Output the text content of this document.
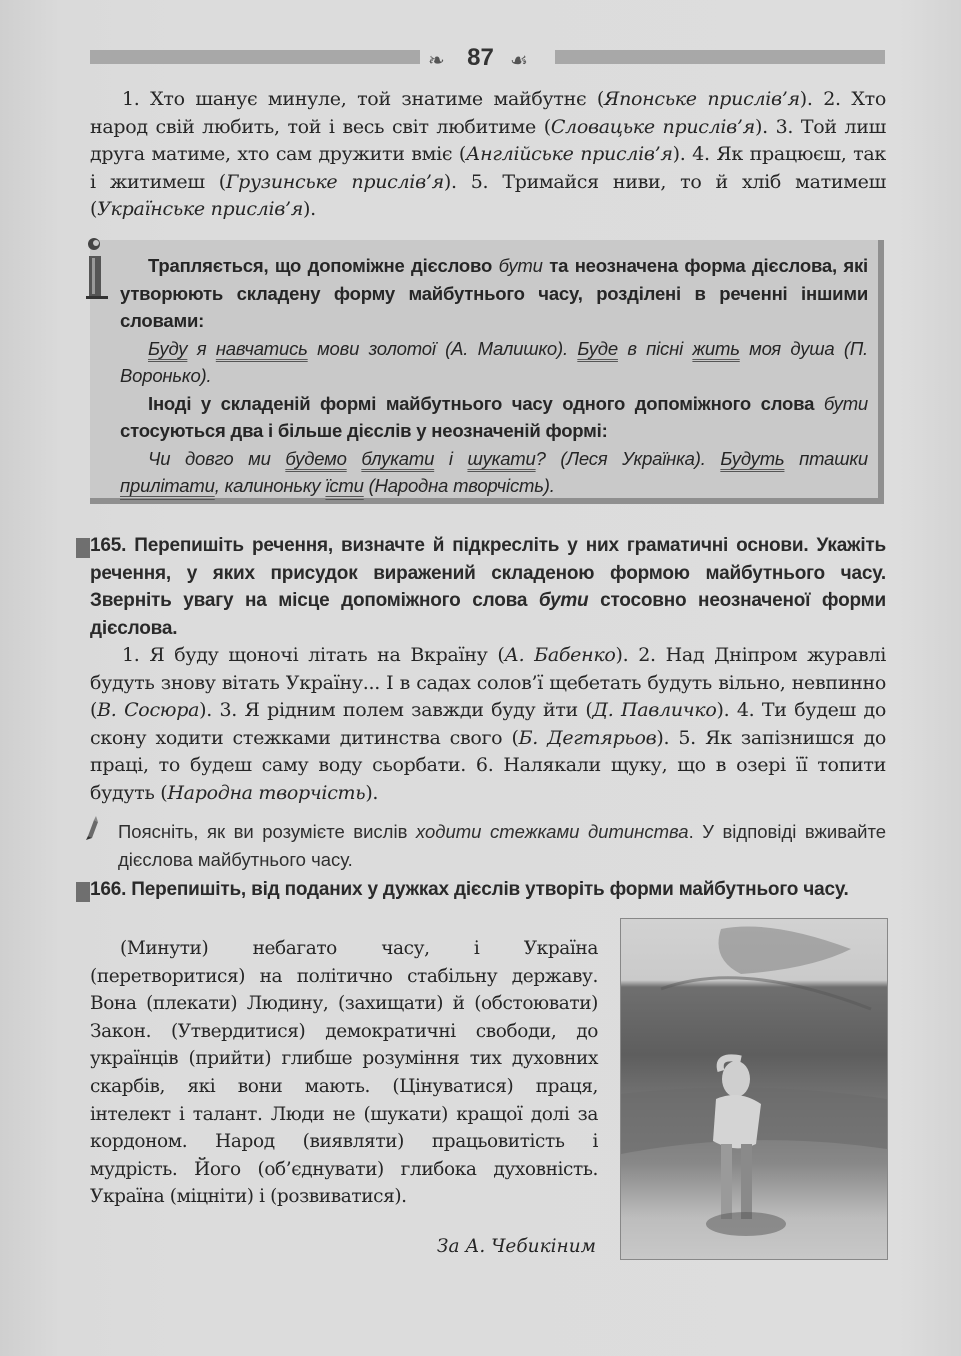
❧ 87 ☙

1. Хто шанує минуле, той знатиме майбутнє (Японське прислів’я). 2. Хто народ свій любить, той і весь світ любитиме (Словацьке прислів’я). 3. Той лиш друга матиме, хто сам дружити вміє (Англійське прислів’я). 4. Як працюєш, так і житимеш (Грузинське прислів’я). 5. Тримайся ниви, то й хліб матимеш (Українське прислів’я).

Трапляється, що допоміжне дієслово бути та неозначена форма дієслова, які утворюють складену форму майбутнього часу, розділені в реченні іншими словами:

Буду я навчатись мови золотої (А. Малишко). Буде в пісні жить моя душа (П. Воронько).

Іноді у складеній формі майбутнього часу одного допоміжного слова бути стосуються два і більше дієслів у неозначеній формі:

Чи довго ми будемо блукати і шукати? (Леся Українка). Будуть пташки прилітати, калиноньку їсти (Народна творчість).

165. Перепишіть речення, визначте й підкресліть у них граматичні основи. Укажіть речення, у яких присудок виражений складеною формою майбутнього часу. Зверніть увагу на місце допоміжного слова бути стосовно неозначеної форми дієслова.

1. Я буду щоночі літать на Вкраїну (А. Бабенко). 2. Над Дніпром журавлі будуть знову вітать Україну... І в садах солов’ї щебетать будуть вільно, невпинно (В. Сосюра). 3. Я рідним полем завжди буду йти (Д. Павличко). 4. Ти будеш до скону ходити стежками дитинства свого (Б. Дегтярьов). 5. Як запізнишся до праці, то будеш саму воду сьорбати. 6. Налякали щуку, що в озері її топити будуть (Народна творчість).

Поясніть, як ви розумієте вислів ходити стежками дитинства. У відповіді вживайте дієслова майбутнього часу.
166. Перепишіть, від поданих у дужках дієслів утворіть форми майбутнього часу.

(Минути) небагато часу, і Україна (перетворитися) на політично стабільну державу. Вона (плекати) Людину, (захищати) й (обстоювати) Закон. (Утвердитися) демократичні свободи, до українців (прийти) глибше розуміння тих духовних скарбів, які вони мають. (Цінуватися) праця, інтелект і талант. Люди не (шукати) кращої долі за кордоном. Народ (виявляти) працьовитість і мудрість. Його (об’єднувати) глибока духовність. Україна (міцніти) і (розвиватися).

За А. Чебикіним
